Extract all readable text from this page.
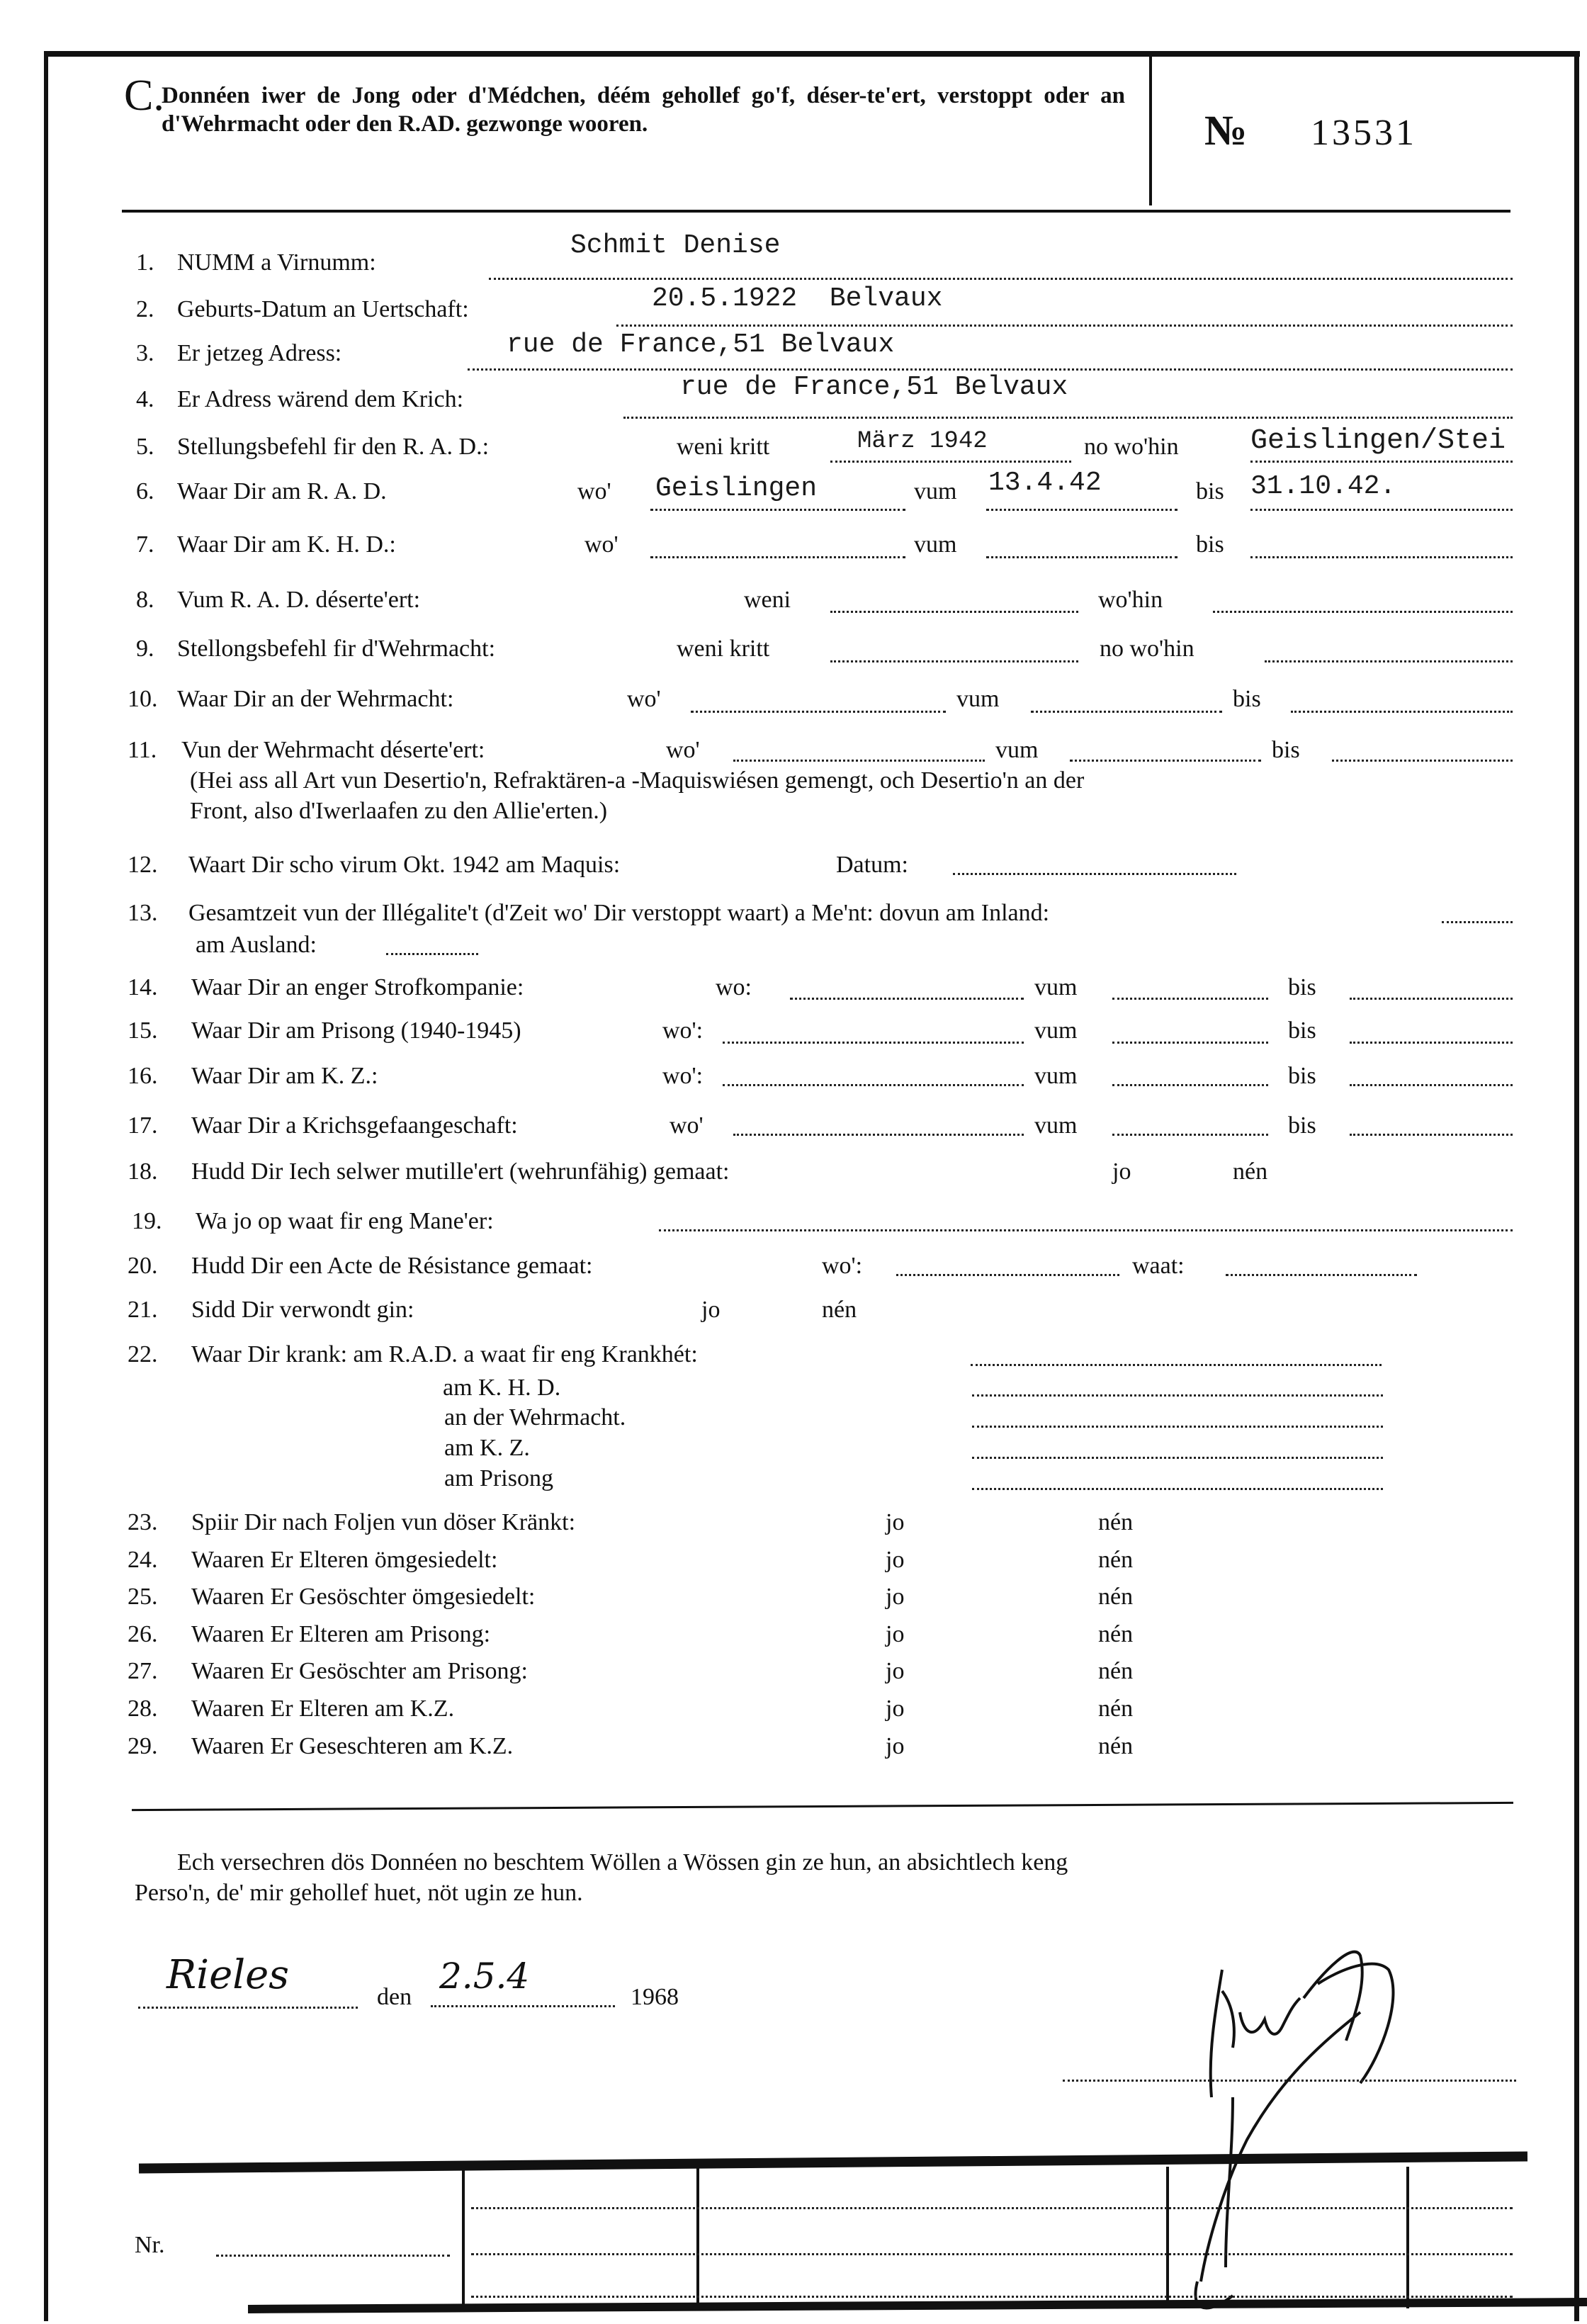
C.
Donnéen iwer de Jong oder d'Médchen, déém gehollef go'f, déser-te'ert, verstoppt oder an d'Wehrmacht oder den R.AD. gezwonge wooren.	№ 13531
1. NUMM a Virnumm:
Schmit Denise
2. Geburts-Datum an Uertschaft:	20.5.1922  Belvaux
3. Er jetzeg Adress:	rue de France,51 Belvaux
4. Er Adress wärend dem Krich:	rue de France,51 Belvaux
5. Stellungsbefehl fir den R. A. D.:	weni kritt	März 1942	no wo'hin	Geislingen/Stei
6. Waar Dir am R. A. D.	wo' Geislingen	vum 13.4.42	bis 31.10.42.
7. Waar Dir am K. H. D.:	wo'	vum	bis
8. Vum R. A. D. déserte'ert:	weni	wo'hin
9. Stellongsbefehl fir d'Wehrmacht:	weni kritt	no wo'hin
10. Waar Dir an der Wehrmacht:	wo'	vum	bis
11. Vun der Wehrmacht déserte'ert:	wo'	vum	bis
(Hei ass all Art vun Desertio'n, Refraktären-a -Maquiswiésen gemengt, och Desertio'n an der
Front, also d'Iwerlaafen zu den Allie'erten.)
12. Waart Dir scho virum Okt. 1942 am Maquis:	Datum:
13. Gesamtzeit vun der Illégalite't (d'Zeit wo' Dir verstoppt waart) a Me'nt: dovun am Inland:
am Ausland:
14. Waar Dir an enger Strofkompanie:	wo:	vum	bis
15. Waar Dir am Prisong (1940-1945)	wo':	vum	bis
16. Waar Dir am K. Z.:	wo':	vum	bis
17. Waar Dir a Krichsgefaangeschaft:	wo'	vum	bis
18. Hudd Dir Iech selwer mutille'ert (wehrunfähig) gemaat:	jo	nén
19. Wa jo op waat fir eng Mane'er:
20. Hudd Dir een Acte de Résistance gemaat:	wo':	waat:
21. Sidd Dir verwondt gin:	jo	nén
22. Waar Dir krank: am R.A.D. a waat fir eng Krankhét:
am K. H. D.
an der Wehrmacht.
am K. Z.
am Prisong
23. Spiir Dir nach Foljen vun döser Kränkt:	jo	nén
24. Waaren Er Elteren ömgesiedelt:	jo	nén
25. Waaren Er Gesöschter ömgesiedelt:	jo	nén
26. Waaren Er Elteren am Prisong:	jo	nén
27. Waaren Er Gesöschter am Prisong:	jo	nén
28. Waaren Er Elteren am K.Z.	jo	nén
29. Waaren Er Geseschteren am K.Z.	jo	nén
Ech versechren dös Donnéen no beschtem Wöllen a Wössen gin ze hun, an absichtlech keng
Perso'n, de' mir gehollef huet, nöt ugin ze hun.
Rieles	den
2.5.4
1968
Nr.
